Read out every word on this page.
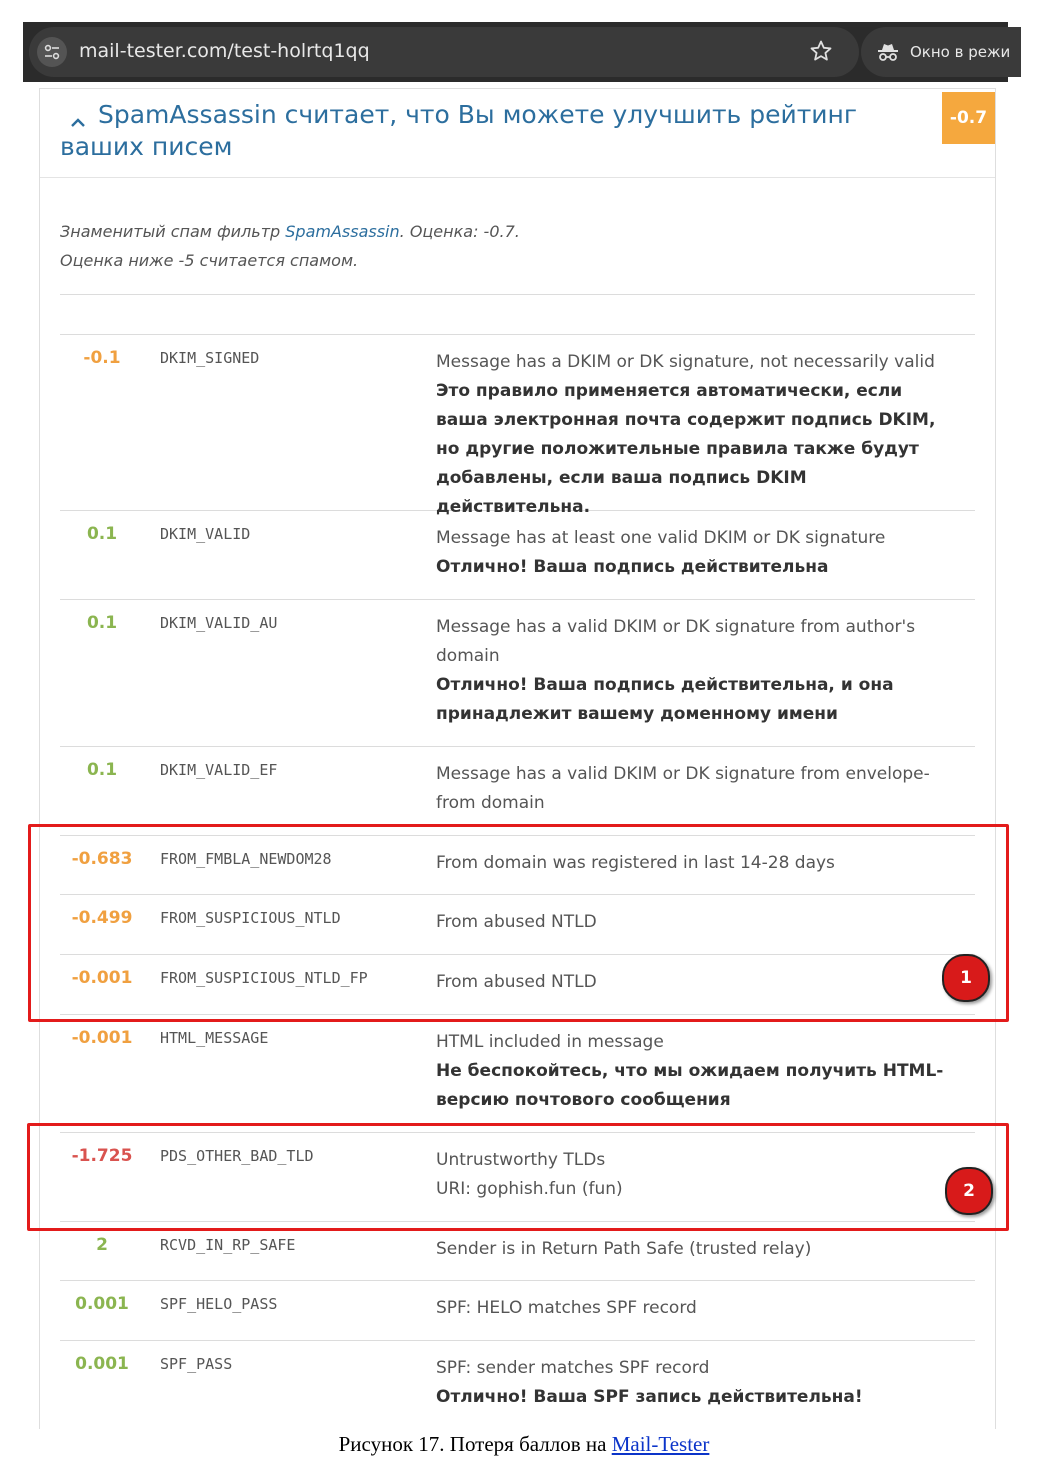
mail-tester.com/test-holrtq1qq	Окно в режи
SpamAssassin считает, что Вы можете улучшить рейтинг ваших писем
-0.7
Знаменитый спам фильтр SpamAssassin. Оценка: -0.7.
Оценка ниже -5 считается спамом.
-0.1	DKIM_SIGNED	Message has a DKIM or DK signature, not necessarily valid
Это правило применяется автоматически, если ваша электронная почта содержит подпись DKIM, но другие положительные правила также будут добавлены, если ваша подпись DKIM действительна.
0.1	DKIM_VALID	Message has at least one valid DKIM or DK signature
Отлично! Ваша подпись действительна
0.1	DKIM_VALID_AU	Message has a valid DKIM or DK signature from author's domain
Отлично! Ваша подпись действительна, и она принадлежит вашему доменному имени
0.1	DKIM_VALID_EF	Message has a valid DKIM or DK signature from envelope-from domain
-0.683	FROM_FMBLA_NEWDOM28	From domain was registered in last 14-28 days
-0.499	FROM_SUSPICIOUS_NTLD	From abused NTLD
-0.001	FROM_SUSPICIOUS_NTLD_FP	From abused NTLD
-0.001	HTML_MESSAGE	HTML included in message
Не беспокойтесь, что мы ожидаем получить HTML-версию почтового сообщения
-1.725	PDS_OTHER_BAD_TLD	Untrustworthy TLDs
URI: gophish.fun (fun)
2	RCVD_IN_RP_SAFE	Sender is in Return Path Safe (trusted relay)
0.001	SPF_HELO_PASS	SPF: HELO matches SPF record
0.001	SPF_PASS	SPF: sender matches SPF record
Отлично! Ваша SPF запись действительна!
1
2
Рисунок 17. Потеря баллов на Mail-Tester
